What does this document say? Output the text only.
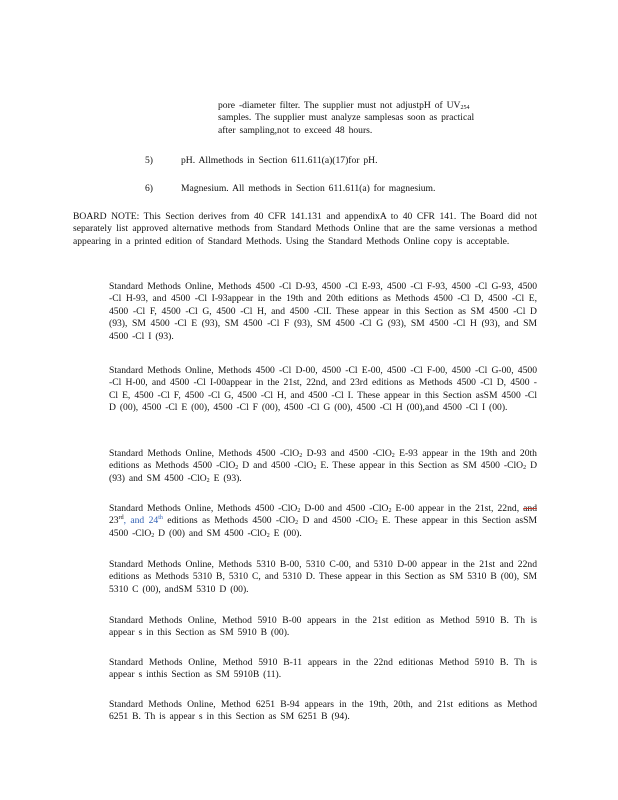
pore -diameter filter. The supplier must not adjustpH of $UV_{254}$
samples. The supplier must analyze samplesas soon as practical
after sampling,not to exceed 48 hours.
5)	pH. Allmethods in Section 611.611(a)(17)for pH.
6)	Magnesium. All methods in Section 611.611(a) for magnesium.
BOARD NOTE: This Section derives from 40 CFR 141.131 and appendixA to 40 CFR 141. The Board did not separately list approved alternative methods from Standard Methods Online that are the same versionas a method appearing in a printed edition of Standard Methods. Using the Standard Methods Online copy is acceptable.
Standard Methods Online, Methods 4500 -Cl D-93, 4500 -Cl E-93, 4500 -Cl F-93, 4500 -Cl G-93, 4500 -Cl H-93, and 4500 -Cl I-93appear in the 19th and 20th editions as Methods 4500 -Cl D, 4500 -Cl E, 4500 -Cl F, 4500 -Cl G, 4500 -Cl H, and 4500 -ClI. These appear in this Section as SM 4500 -Cl D (93), SM 4500 -Cl E (93), SM 4500 -Cl F (93), SM 4500 -Cl G (93), SM 4500 -Cl H (93), and SM 4500 -Cl I (93).
Standard Methods Online, Methods 4500 -Cl D-00, 4500 -Cl E-00, 4500 -Cl F-00, 4500 -Cl G-00, 4500 -Cl H-00, and 4500 -Cl I-00appear in the 21st, 22nd, and 23rd editions as Methods 4500 -Cl D, 4500 -Cl E, 4500 -Cl F, 4500 -Cl G, 4500 -Cl H, and 4500 -Cl I. These appear in this Section asSM 4500 -Cl D (00), 4500 -Cl E (00), 4500 -Cl F (00), 4500 -Cl G (00), 4500 -Cl H (00),and 4500 -Cl I (00).
Standard Methods Online, Methods 4500 -ClO$_2$ D-93 and 4500 -ClO$_2$ E-93 appear in the 19th and 20th editions as Methods 4500 -ClO$_2$ D and 4500 -ClO$_2$ E. These appear in this Section as SM 4500 -ClO$_2$ D (93) and SM 4500 -ClO$_2$ E (93).
Standard Methods Online, Methods 4500 -ClO$_2$ D-00 and 4500 -ClO$_2$ E-00 appear in the 21st, 22nd, and 23rd, and 24th editions as Methods 4500 -ClO$_2$ D and 4500 -ClO$_2$ E. These appear in this Section asSM 4500 -ClO$_2$ D (00) and SM 4500 -ClO$_2$ E (00).
Standard Methods Online, Methods 5310 B-00, 5310 C-00, and 5310 D-00 appear in the 21st and 22nd editions as Methods 5310 B, 5310 C, and 5310 D. These appear in this Section as SM 5310 B (00), SM 5310 C (00), andSM 5310 D (00).
Standard Methods Online, Method 5910 B-00 appears in the 21st edition as Method 5910 B. Th is appear s in this Section as SM 5910 B (00).
Standard Methods Online, Method 5910 B-11 appears in the 22nd editionas Method 5910 B. Th is appear s inthis Section as SM 5910B (11).
Standard Methods Online, Method 6251 B-94 appears in the 19th, 20th, and 21st editions as Method 6251 B. Th is appear s in this Section as SM 6251 B (94).
